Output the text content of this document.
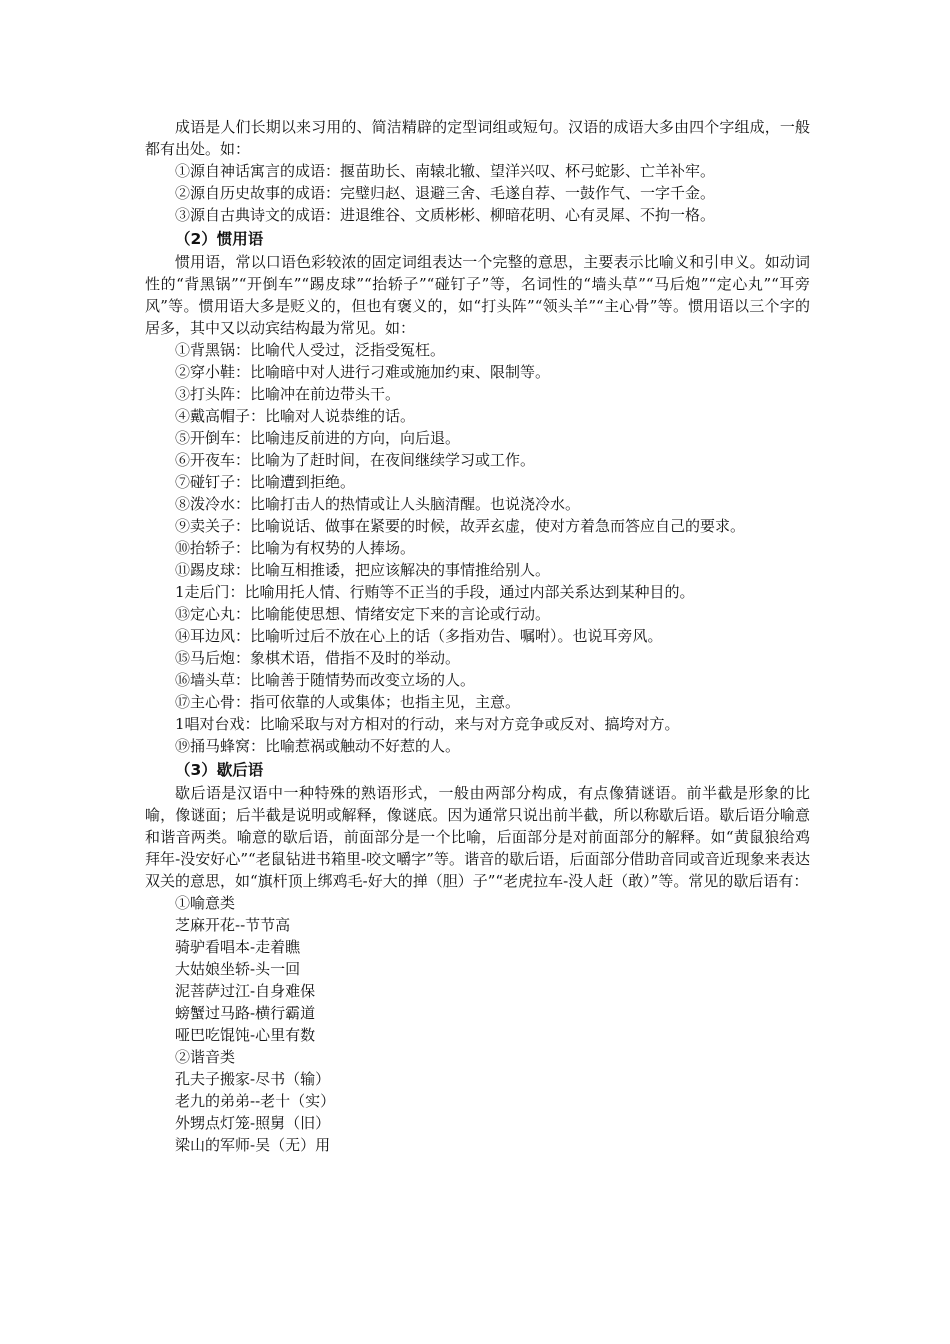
成语是人们长期以来习用的、简洁精辟的定型词组或短句。汉语的成语大多由四个字组成，一般都有出处。如：

①源自神话寓言的成语：揠苗助长、南辕北辙、望洋兴叹、杯弓蛇影、亡羊补牢。

②源自历史故事的成语：完璧归赵、退避三舍、毛遂自荐、一鼓作气、一字千金。

③源自古典诗文的成语：进退维谷、文质彬彬、柳暗花明、心有灵犀、不拘一格。

（2）惯用语

惯用语，常以口语色彩较浓的固定词组表达一个完整的意思，主要表示比喻义和引申义。如动词性的“背黑锅”“开倒车”“踢皮球”“抬轿子”“碰钉子”等，名词性的“墙头草”“马后炮”“定心丸”“耳旁风”等。惯用语大多是贬义的，但也有褒义的，如“打头阵”“领头羊”“主心骨”等。惯用语以三个字的居多，其中又以动宾结构最为常见。如：

①背黑锅：比喻代人受过，泛指受冤枉。

②穿小鞋：比喻暗中对人进行刁难或施加约束、限制等。

③打头阵：比喻冲在前边带头干。

④戴高帽子：比喻对人说恭维的话。

⑤开倒车：比喻违反前进的方向，向后退。

⑥开夜车：比喻为了赶时间，在夜间继续学习或工作。

⑦碰钉子：比喻遭到拒绝。

⑧泼冷水：比喻打击人的热情或让人头脑清醒。也说浇冷水。

⑨卖关子：比喻说话、做事在紧要的时候，故弄玄虚，使对方着急而答应自己的要求。

⑩抬轿子：比喻为有权势的人捧场。

⑪踢皮球：比喻互相推诿，把应该解决的事情推给别人。

1走后门：比喻用托人情、行贿等不正当的手段，通过内部关系达到某种目的。

⑬定心丸：比喻能使思想、情绪安定下来的言论或行动。

⑭耳边风：比喻听过后不放在心上的话（多指劝告、嘱咐）。也说耳旁风。

⑮马后炮：象棋术语，借指不及时的举动。

⑯墙头草：比喻善于随情势而改变立场的人。

⑰主心骨：指可依靠的人或集体；也指主见，主意。

1唱对台戏：比喻采取与对方相对的行动，来与对方竞争或反对、搞垮对方。

⑲捅马蜂窝：比喻惹祸或触动不好惹的人。

（3）歇后语

歇后语是汉语中一种特殊的熟语形式，一般由两部分构成，有点像猜谜语。前半截是形象的比喻，像谜面；后半截是说明或解释，像谜底。因为通常只说出前半截，所以称歇后语。歇后语分喻意和谐音两类。喻意的歇后语，前面部分是一个比喻，后面部分是对前面部分的解释。如“黄鼠狼给鸡拜年-没安好心”“老鼠钻进书箱里-咬文嚼字”等。谐音的歇后语，后面部分借助音同或音近现象来表达双关的意思，如“旗杆顶上绑鸡毛-好大的掸（胆）子”“老虎拉车-没人赶（敢）”等。常见的歇后语有：

①喻意类

芝麻开花--节节高

骑驴看唱本-走着瞧

大姑娘坐轿-头一回

泥菩萨过江-自身难保

螃蟹过马路-横行霸道

哑巴吃馄饨-心里有数

②谐音类

孔夫子搬家-尽书（输）

老九的弟弟--老十（实）

外甥点灯笼-照舅（旧）

梁山的军师-吴（无）用
